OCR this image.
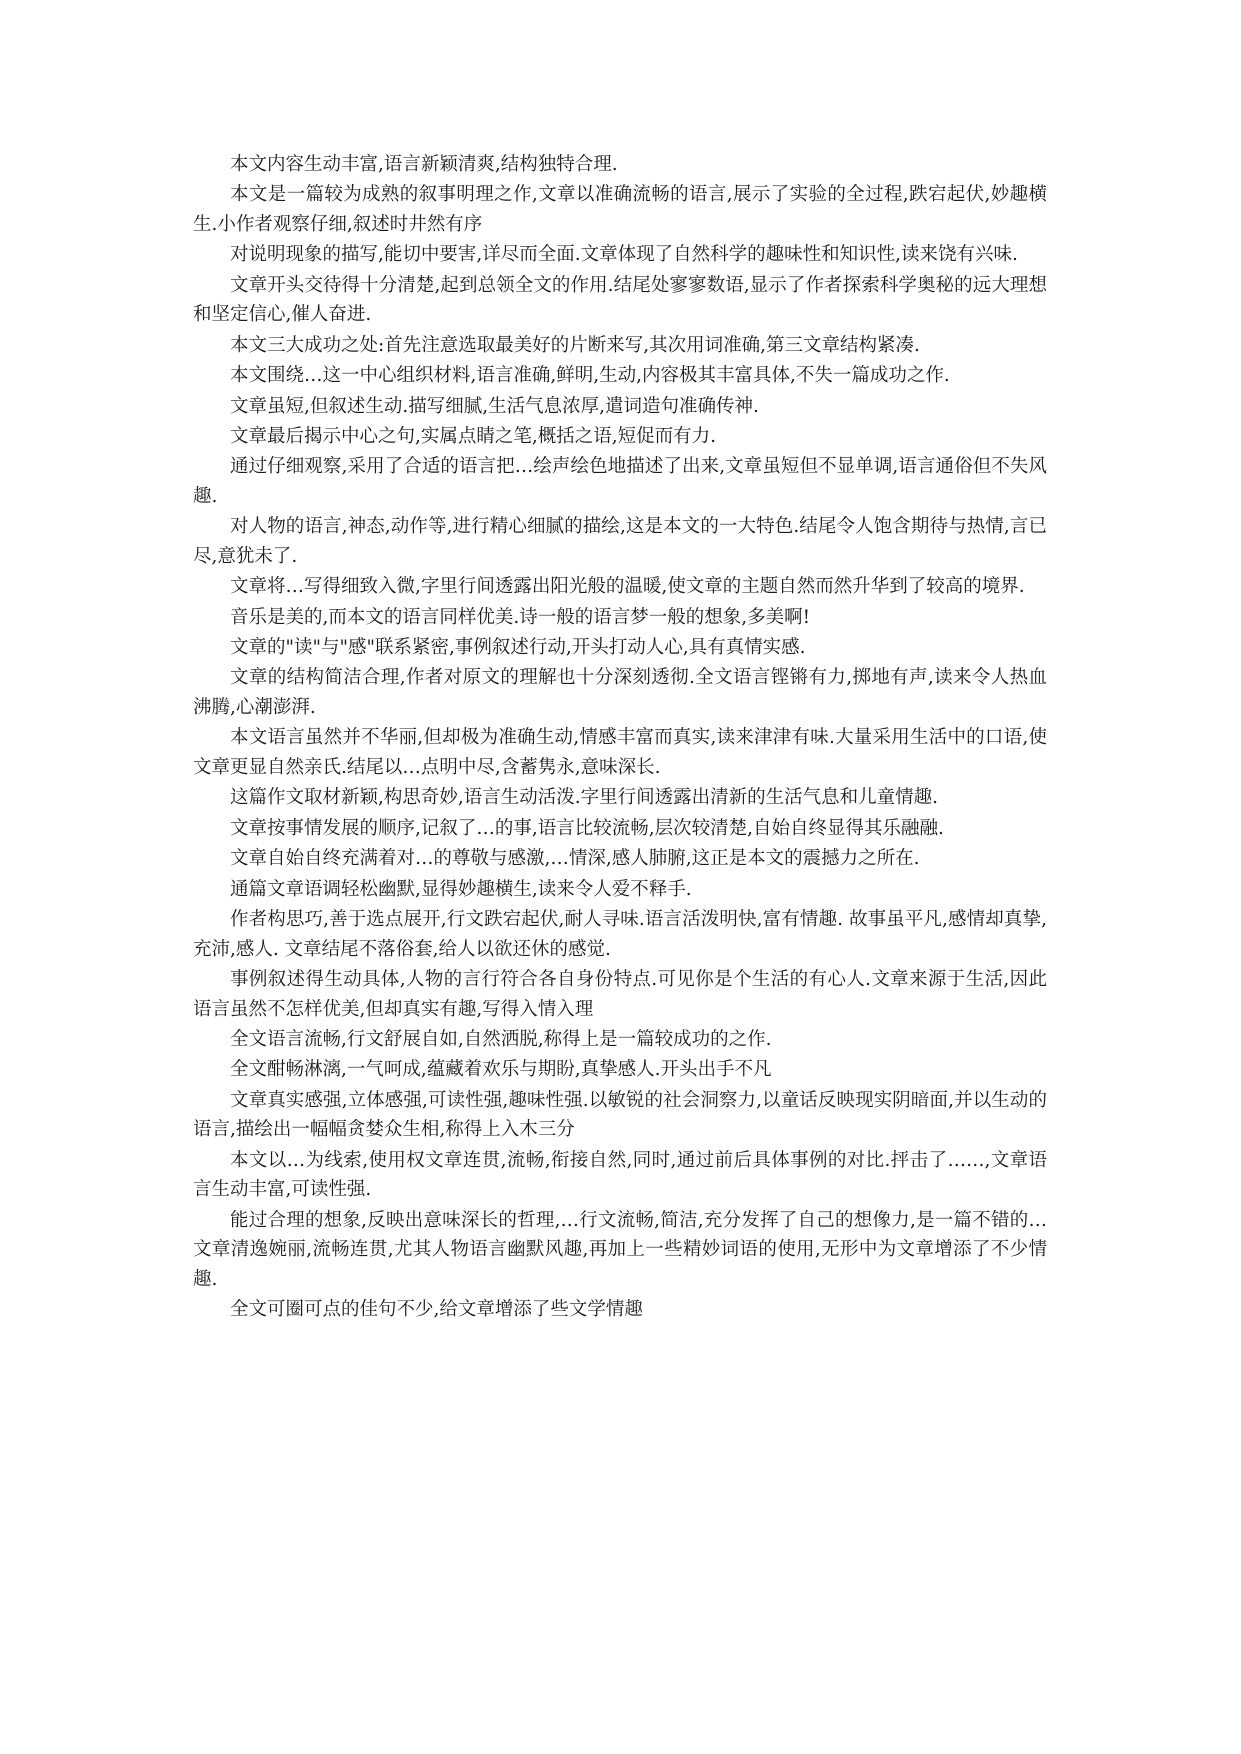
本文内容生动丰富,语言新颖清爽,结构独特合理.

本文是一篇较为成熟的叙事明理之作,文章以准确流畅的语言,展示了实验的全过程,跌宕起伏,妙趣横生.小作者观察仔细,叙述时井然有序

对说明现象的描写,能切中要害,详尽而全面.文章体现了自然科学的趣味性和知识性,读来饶有兴味.

文章开头交待得十分清楚,起到总领全文的作用.结尾处寥寥数语,显示了作者探索科学奥秘的远大理想和坚定信心,催人奋进.

本文三大成功之处:首先注意选取最美好的片断来写,其次用词准确,第三文章结构紧凑.

本文围绕…这一中心组织材料,语言准确,鲜明,生动,内容极其丰富具体,不失一篇成功之作.

文章虽短,但叙述生动.描写细腻,生活气息浓厚,遣词造句准确传神.

文章最后揭示中心之句,实属点睛之笔,概括之语,短促而有力.

通过仔细观察,采用了合适的语言把…绘声绘色地描述了出来,文章虽短但不显单调,语言通俗但不失风趣.

对人物的语言,神态,动作等,进行精心细腻的描绘,这是本文的一大特色.结尾令人饱含期待与热情,言已尽,意犹未了.

文章将…写得细致入微,字里行间透露出阳光般的温暖,使文章的主题自然而然升华到了较高的境界.

音乐是美的,而本文的语言同样优美.诗一般的语言梦一般的想象,多美啊!

文章的"读"与"感"联系紧密,事例叙述行动,开头打动人心,具有真情实感.

文章的结构简洁合理,作者对原文的理解也十分深刻透彻.全文语言铿锵有力,掷地有声,读来令人热血沸腾,心潮澎湃.

本文语言虽然并不华丽,但却极为准确生动,情感丰富而真实,读来津津有味.大量采用生活中的口语,使文章更显自然亲氏.结尾以…点明中尽,含蓄隽永,意味深长.

这篇作文取材新颖,构思奇妙,语言生动活泼.字里行间透露出清新的生活气息和儿童情趣.

文章按事情发展的顺序,记叙了…的事,语言比较流畅,层次较清楚,自始自终显得其乐融融.

文章自始自终充满着对…的尊敬与感激,…情深,感人肺腑,这正是本文的震撼力之所在.

通篇文章语调轻松幽默,显得妙趣横生,读来令人爱不释手.

作者构思巧,善于选点展开,行文跌宕起伏,耐人寻味.语言活泼明快,富有情趣. 故事虽平凡,感情却真挚,充沛,感人. 文章结尾不落俗套,给人以欲还休的感觉.

事例叙述得生动具体,人物的言行符合各自身份特点.可见你是个生活的有心人.文章来源于生活,因此语言虽然不怎样优美,但却真实有趣,写得入情入理

全文语言流畅,行文舒展自如,自然洒脱,称得上是一篇较成功的之作.

全文酣畅淋漓,一气呵成,蕴藏着欢乐与期盼,真挚感人.开头出手不凡

文章真实感强,立体感强,可读性强,趣味性强.以敏锐的社会洞察力,以童话反映现实阴暗面,并以生动的语言,描绘出一幅幅贪婪众生相,称得上入木三分

本文以…为线索,使用权文章连贯,流畅,衔接自然,同时,通过前后具体事例的对比.抨击了……,文章语言生动丰富,可读性强.

能过合理的想象,反映出意味深长的哲理,…行文流畅,简洁,充分发挥了自己的想像力,是一篇不错的…文章清逸婉丽,流畅连贯,尤其人物语言幽默风趣,再加上一些精妙词语的使用,无形中为文章增添了不少情趣.

全文可圈可点的佳句不少,给文章增添了些文学情趣
